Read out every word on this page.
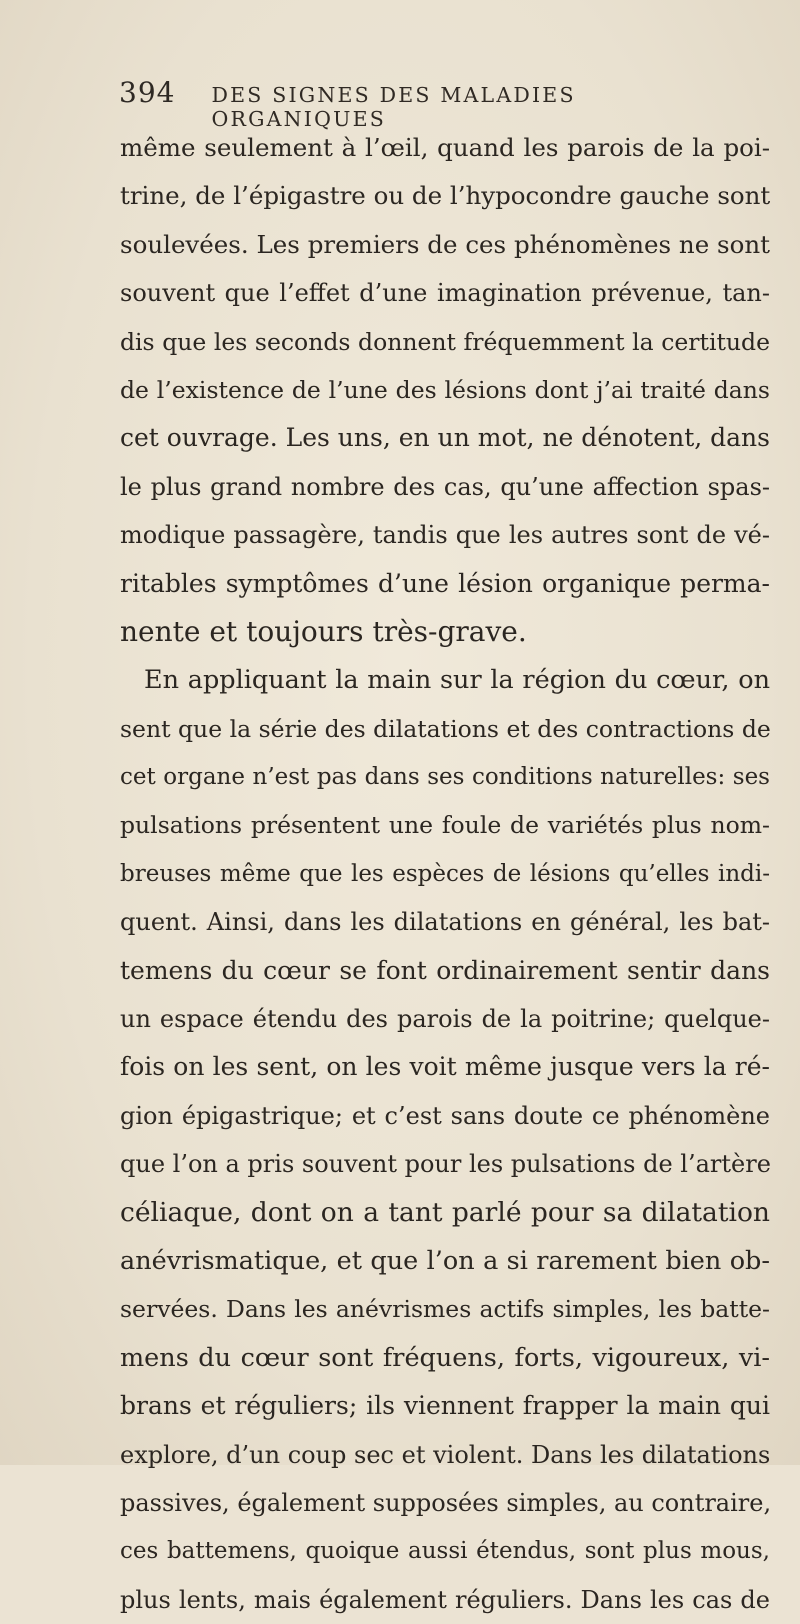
394 DES SIGNES DES MALADIES ORGANIQUES
même seulement à l’œil, quand les parois de la poi-
trine, de l’épigastre ou de l’hypocondre gauche sont
soulevées. Les premiers de ces phénomènes ne sont
souvent que l’effet d’une imagination prévenue, tan-
dis que les seconds donnent fréquemment la certitude
de l’existence de l’une des lésions dont j’ai traité dans
cet ouvrage. Les uns, en un mot, ne dénotent, dans
le plus grand nombre des cas, qu’une affection spas-
modique passagère, tandis que les autres sont de vé-
ritables symptômes d’une lésion organique perma-
nente et toujours très-grave.
En appliquant la main sur la région du cœur, on
sent que la série des dilatations et des contractions de
cet organe n’est pas dans ses conditions naturelles: ses
pulsations présentent une foule de variétés plus nom-
breuses même que les espèces de lésions qu’elles indi-
quent. Ainsi, dans les dilatations en général, les bat-
temens du cœur se font ordinairement sentir dans
un espace étendu des parois de la poitrine; quelque-
fois on les sent, on les voit même jusque vers la ré-
gion épigastrique; et c’est sans doute ce phénomène
que l’on a pris souvent pour les pulsations de l’artère
céliaque, dont on a tant parlé pour sa dilatation
anévrismatique, et que l’on a si rarement bien ob-
servées. Dans les anévrismes actifs simples, les batte-
mens du cœur sont fréquens, forts, vigoureux, vi-
brans et réguliers; ils viennent frapper la main qui
explore, d’un coup sec et violent. Dans les dilatations
passives, également supposées simples, au contraire,
ces battemens, quoique aussi étendus, sont plus mous,
plus lents, mais également réguliers. Dans les cas de
